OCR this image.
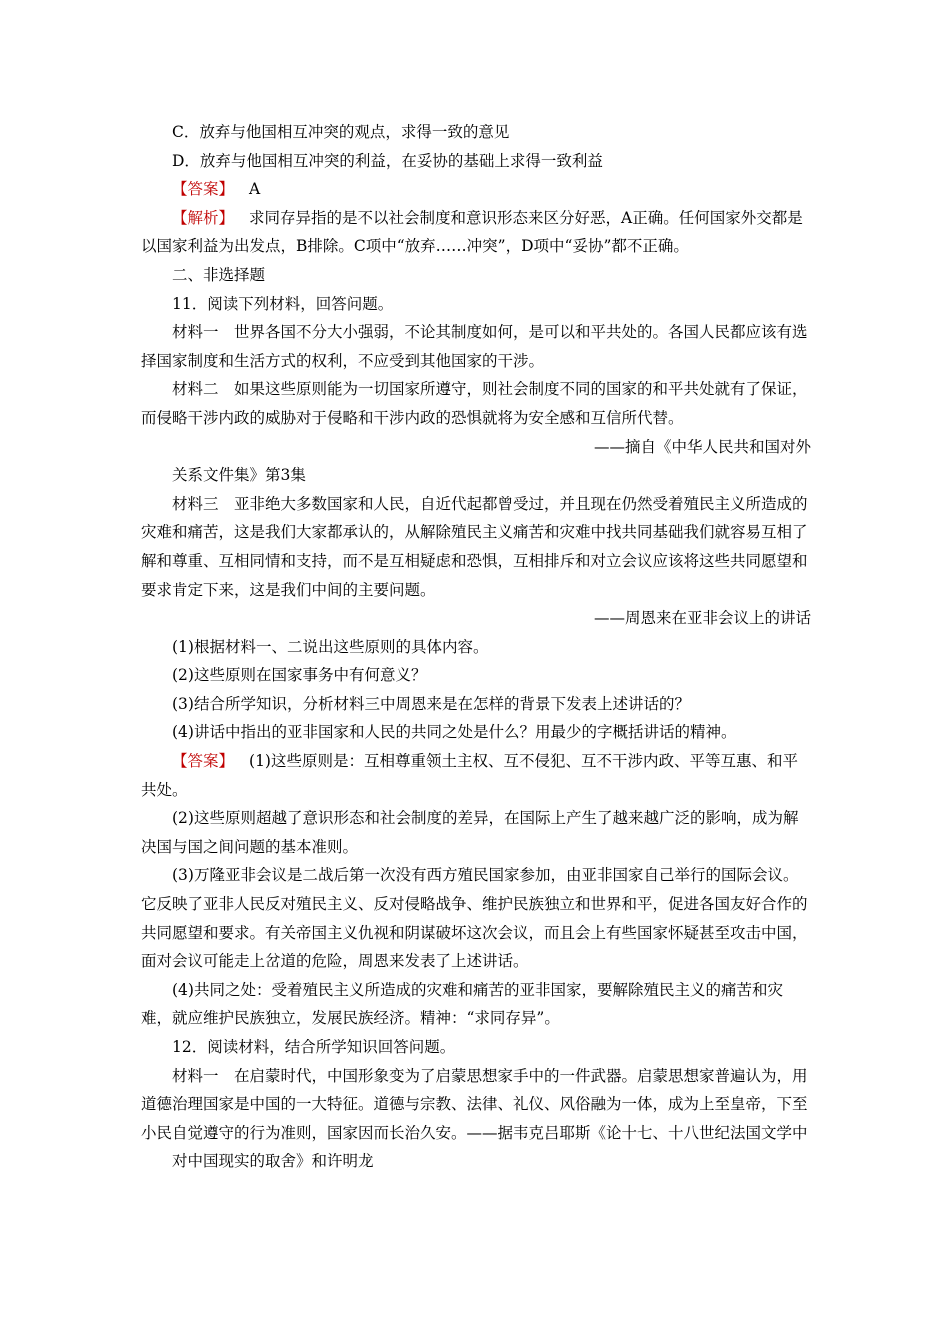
C．放弃与他国相互冲突的观点，求得一致的意见

D．放弃与他国相互冲突的利益，在妥协的基础上求得一致利益

【答案】 A

【解析】 求同存异指的是不以社会制度和意识形态来区分好恶，A正确。任何国家外交都是以国家利益为出发点，B排除。C项中“放弃……冲突”，D项中“妥协”都不正确。

二、非选择题

11．阅读下列材料，回答问题。

材料一　世界各国不分大小强弱，不论其制度如何，是可以和平共处的。各国人民都应该有选择国家制度和生活方式的权利，不应受到其他国家的干涉。

材料二　如果这些原则能为一切国家所遵守，则社会制度不同的国家的和平共处就有了保证，而侵略干涉内政的威胁对于侵略和干涉内政的恐惧就将为安全感和互信所代替。

——摘自《中华人民共和国对外

关系文件集》第3集

材料三　亚非绝大多数国家和人民，自近代起都曾受过，并且现在仍然受着殖民主义所造成的灾难和痛苦，这是我们大家都承认的，从解除殖民主义痛苦和灾难中找共同基础我们就容易互相了解和尊重、互相同情和支持，而不是互相疑虑和恐惧，互相排斥和对立会议应该将这些共同愿望和要求肯定下来，这是我们中间的主要问题。

——周恩来在亚非会议上的讲话

(1)根据材料一、二说出这些原则的具体内容。

(2)这些原则在国家事务中有何意义？

(3)结合所学知识，分析材料三中周恩来是在怎样的背景下发表上述讲话的？

(4)讲话中指出的亚非国家和人民的共同之处是什么？用最少的字概括讲话的精神。

【答案】 (1)这些原则是：互相尊重领土主权、互不侵犯、互不干涉内政、平等互惠、和平共处。

(2)这些原则超越了意识形态和社会制度的差异，在国际上产生了越来越广泛的影响，成为解决国与国之间问题的基本准则。

(3)万隆亚非会议是二战后第一次没有西方殖民国家参加，由亚非国家自己举行的国际会议。它反映了亚非人民反对殖民主义、反对侵略战争、维护民族独立和世界和平，促进各国友好合作的共同愿望和要求。有关帝国主义仇视和阴谋破坏这次会议，而且会上有些国家怀疑甚至攻击中国，面对会议可能走上岔道的危险，周恩来发表了上述讲话。

(4)共同之处：受着殖民主义所造成的灾难和痛苦的亚非国家，要解除殖民主义的痛苦和灾难，就应维护民族独立，发展民族经济。精神：“求同存异”。

12．阅读材料，结合所学知识回答问题。

材料一　在启蒙时代，中国形象变为了启蒙思想家手中的一件武器。启蒙思想家普遍认为，用道德治理国家是中国的一大特征。道德与宗教、法律、礼仪、风俗融为一体，成为上至皇帝，下至小民自觉遵守的行为准则，国家因而长治久安。——据韦克吕耶斯《论十七、十八世纪法国文学中

对中国现实的取舍》和许明龙
